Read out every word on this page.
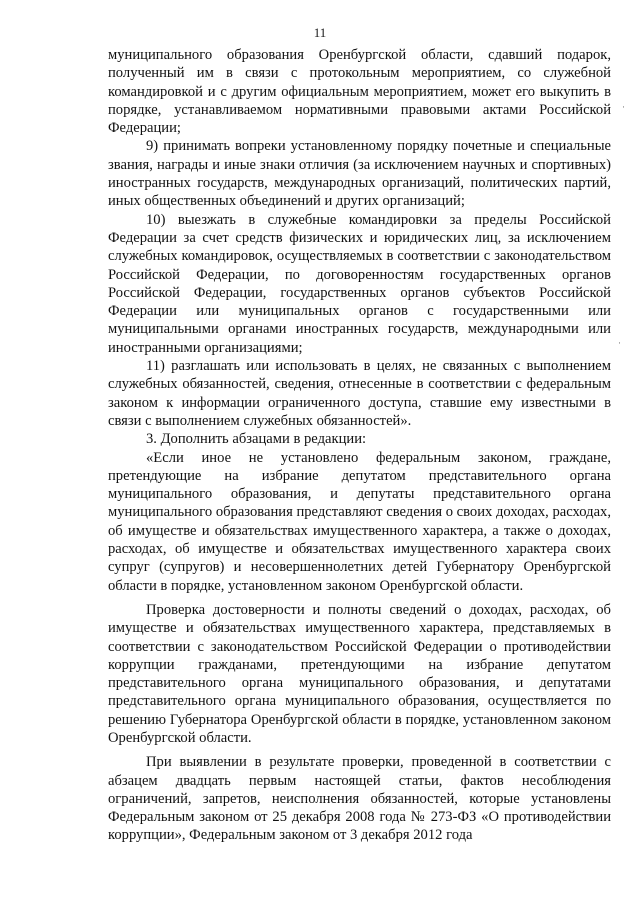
11

муниципального образования Оренбургской области, сдавший подарок, полученный им в связи с протокольным мероприятием, со служебной командировкой и с другим официальным мероприятием, может его выкупить в порядке, устанавливаемом нормативными правовыми актами Российской Федерации;

9) принимать вопреки установленному порядку почетные и специальные звания, награды и иные знаки отличия (за исключением научных и спортивных) иностранных государств, международных организаций, политических партий, иных общественных объединений и других организаций;

10) выезжать в служебные командировки за пределы Российской Федерации за счет средств физических и юридических лиц, за исключением служебных командировок, осуществляемых в соответствии с законодательством Российской Федерации, по договоренностям государственных органов Российской Федерации, государственных органов субъектов Российской Федерации или муниципальных органов с государственными или муниципальными органами иностранных государств, международными или иностранными организациями;

11) разглашать или использовать в целях, не связанных с выполнением служебных обязанностей, сведения, отнесенные в соответствии с федеральным законом к информации ограниченного доступа, ставшие ему известными в связи с выполнением служебных обязанностей».

3. Дополнить абзацами в редакции:

«Если иное не установлено федеральным законом, граждане, претендующие на избрание депутатом представительного органа муниципального образования, и депутаты представительного органа муниципального образования представляют сведения о своих доходах, расходах, об имуществе и обязательствах имущественного характера, а также о доходах, расходах, об имуществе и обязательствах имущественного характера своих супруг (супругов) и несовершеннолетних детей Губернатору Оренбургской области в порядке, установленном законом Оренбургской области.

Проверка достоверности и полноты сведений о доходах, расходах, об имуществе и обязательствах имущественного характера, представляемых в соответствии с законодательством Российской Федерации о противодействии коррупции гражданами, претендующими на избрание депутатом представительного органа муниципального образования, и депутатами представительного органа муниципального образования, осуществляется по решению Губернатора Оренбургской области в порядке, установленном законом Оренбургской области.

При выявлении в результате проверки, проведенной в соответствии с абзацем двадцать первым настоящей статьи, фактов несоблюдения ограничений, запретов, неисполнения обязанностей, которые установлены Федеральным законом от 25 декабря 2008 года № 273-ФЗ «О противодействии коррупции», Федеральным законом от 3 декабря 2012 года

·
·
